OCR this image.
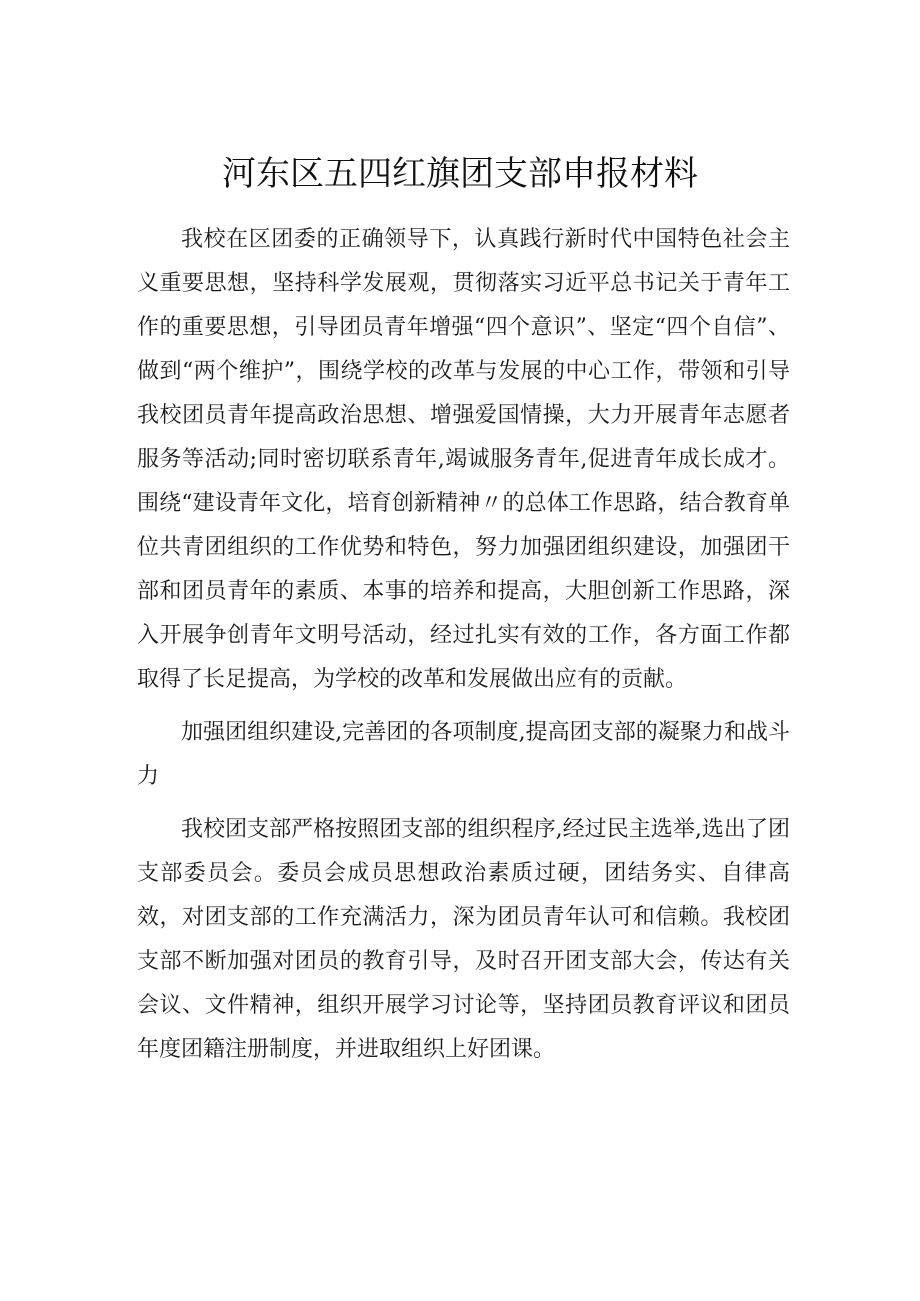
河东区五四红旗团支部申报材料

我校在区团委的正确领导下，认真践行新时代中国特色社会主义重要思想，坚持科学发展观，贯彻落实习近平总书记关于青年工作的重要思想，引导团员青年增强“四个意识”、坚定“四个自信”、做到“两个维护”，围绕学校的改革与发展的中心工作，带领和引导我校团员青年提高政治思想、增强爱国情操，大力开展青年志愿者服务等活动;同时密切联系青年,竭诚服务青年,促进青年成长成才。围绕“建设青年文化，培育创新精神〃的总体工作思路，结合教育单位共青团组织的工作优势和特色，努力加强团组织建设，加强团干部和团员青年的素质、本事的培养和提高，大胆创新工作思路，深入开展争创青年文明号活动，经过扎实有效的工作，各方面工作都取得了长足提高，为学校的改革和发展做出应有的贡献。

加强团组织建设,完善团的各项制度,提高团支部的凝聚力和战斗力

我校团支部严格按照团支部的组织程序,经过民主选举,选出了团支部委员会。委员会成员思想政治素质过硬，团结务实、自律高效，对团支部的工作充满活力，深为团员青年认可和信赖。我校团支部不断加强对团员的教育引导，及时召开团支部大会，传达有关会议、文件精神，组织开展学习讨论等，坚持团员教育评议和团员年度团籍注册制度，并进取组织上好团课。
